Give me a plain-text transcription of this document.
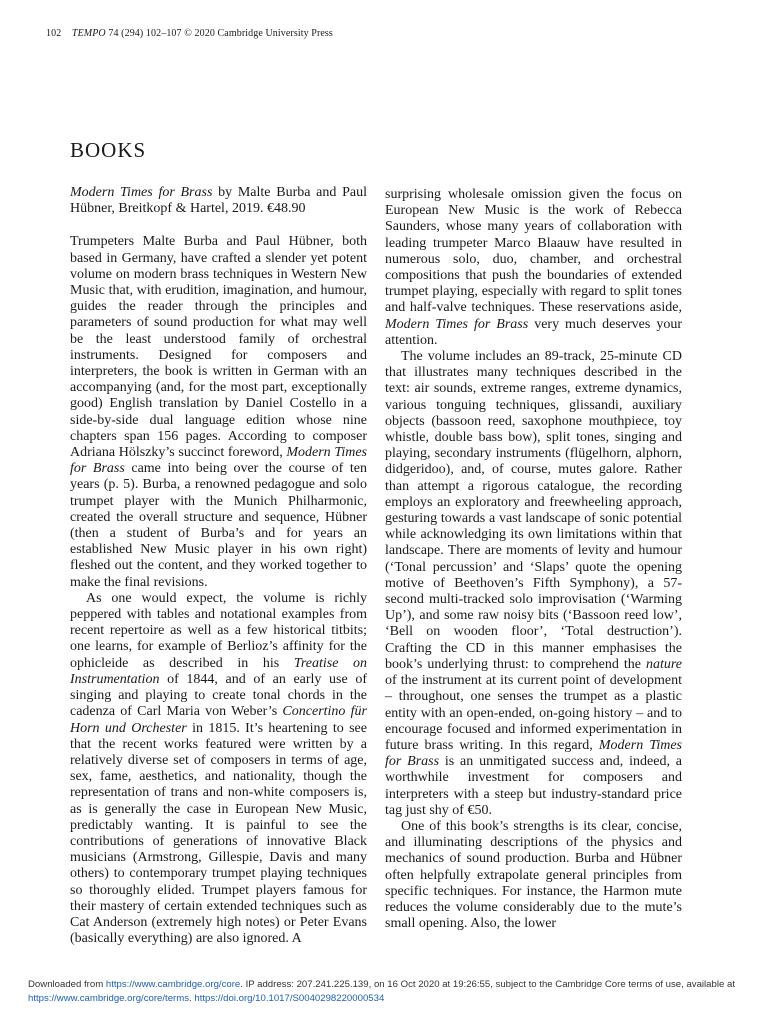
102 TEMPO 74 (294) 102–107 © 2020 Cambridge University Press
BOOKS

Modern Times for Brass by Malte Burba and Paul Hübner, Breitkopf & Hartel, 2019. €48.90

Trumpeters Malte Burba and Paul Hübner, both based in Germany, have crafted a slender yet potent volume on modern brass techniques in Western New Music that, with erudition, imagination, and humour, guides the reader through the principles and parameters of sound production for what may well be the least understood family of orchestral instruments. Designed for composers and interpreters, the book is written in German with an accompanying (and, for the most part, exceptionally good) English translation by Daniel Costello in a side-by-side dual language edition whose nine chapters span 156 pages. According to composer Adriana Hölszky’s succinct foreword, Modern Times for Brass came into being over the course of ten years (p. 5). Burba, a renowned pedagogue and solo trumpet player with the Munich Philharmonic, created the overall structure and sequence, Hübner (then a student of Burba’s and for years an established New Music player in his own right) fleshed out the content, and they worked together to make the final revisions.

As one would expect, the volume is richly peppered with tables and notational examples from recent repertoire as well as a few historical titbits; one learns, for example of Berlioz’s affinity for the ophicleide as described in his Treatise on Instrumentation of 1844, and of an early use of singing and playing to create tonal chords in the cadenza of Carl Maria von Weber’s Concertino für Horn und Orchester in 1815. It’s heartening to see that the recent works featured were written by a relatively diverse set of composers in terms of age, sex, fame, aesthetics, and nationality, though the representation of trans and non-white composers is, as is generally the case in European New Music, predictably wanting. It is painful to see the contributions of generations of innovative Black musicians (Armstrong, Gillespie, Davis and many others) to contemporary trumpet playing techniques so thoroughly elided. Trumpet players famous for their mastery of certain extended techniques such as Cat Anderson (extremely high notes) or Peter Evans (basically everything) are also ignored. A

surprising wholesale omission given the focus on European New Music is the work of Rebecca Saunders, whose many years of collaboration with leading trumpeter Marco Blaauw have resulted in numerous solo, duo, chamber, and orchestral compositions that push the boundaries of extended trumpet playing, especially with regard to split tones and half-valve techniques. These reservations aside, Modern Times for Brass very much deserves your attention.

The volume includes an 89-track, 25-minute CD that illustrates many techniques described in the text: air sounds, extreme ranges, extreme dynamics, various tonguing techniques, glissandi, auxiliary objects (bassoon reed, saxophone mouthpiece, toy whistle, double bass bow), split tones, singing and playing, secondary instruments (flügelhorn, alphorn, didgeridoo), and, of course, mutes galore. Rather than attempt a rigorous catalogue, the recording employs an exploratory and freewheeling approach, gesturing towards a vast landscape of sonic potential while acknowledging its own limitations within that landscape. There are moments of levity and humour (‘Tonal percussion’ and ‘Slaps’ quote the opening motive of Beethoven’s Fifth Symphony), a 57-second multi-tracked solo improvisation (‘Warming Up’), and some raw noisy bits (‘Bassoon reed low’, ‘Bell on wooden floor’, ‘Total destruction’). Crafting the CD in this manner emphasises the book’s underlying thrust: to comprehend the nature of the instrument at its current point of development – throughout, one senses the trumpet as a plastic entity with an open-ended, on-going history – and to encourage focused and informed experimentation in future brass writing. In this regard, Modern Times for Brass is an unmitigated success and, indeed, a worthwhile investment for composers and interpreters with a steep but industry-standard price tag just shy of €50.

One of this book’s strengths is its clear, concise, and illuminating descriptions of the physics and mechanics of sound production. Burba and Hübner often helpfully extrapolate general principles from specific techniques. For instance, the Harmon mute reduces the volume considerably due to the mute’s small opening. Also, the lower

Downloaded from https://www.cambridge.org/core. IP address: 207.241.225.139, on 16 Oct 2020 at 19:26:55, subject to the Cambridge Core terms of use, available at https://www.cambridge.org/core/terms. https://doi.org/10.1017/S0040298220000534
